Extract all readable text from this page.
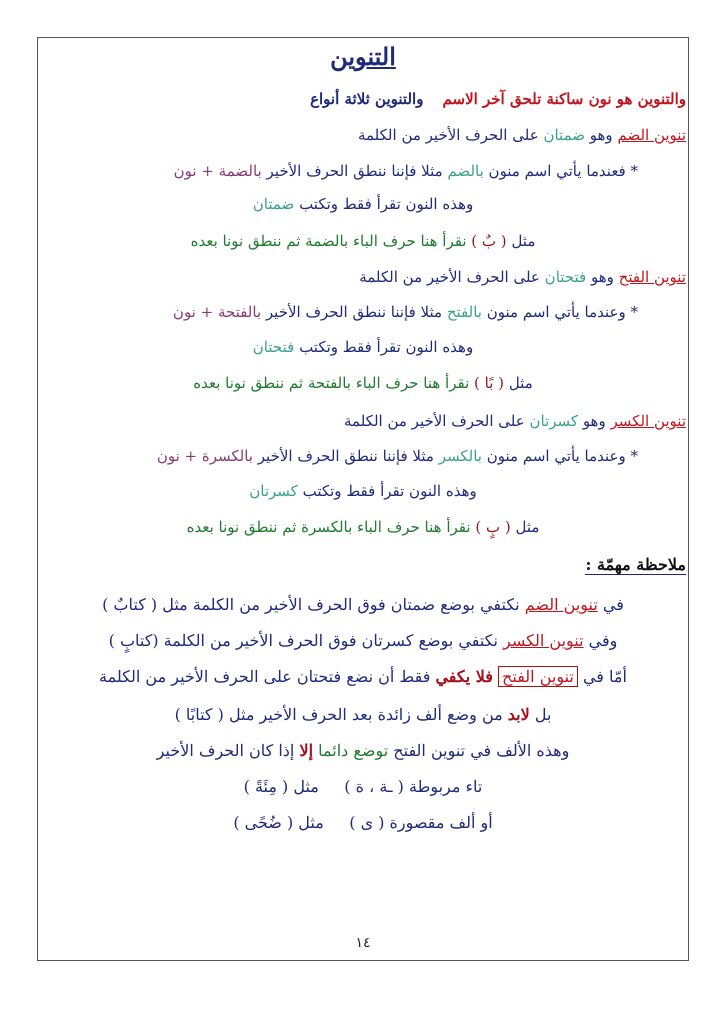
التنوين
والتنوين هو نون ساكنة تلحق آخر الاسم    والتنوين ثلاثة أنواع
تنوين الضم وهو ضمتان على الحرف الأخير من الكلمة
* فعندما يأتي اسم منون بالضم مثلا فإننا ننطق الحرف الأخير بالضمة + نون
وهذه النون تقرأ فقط وتكتب ضمتان
مثل ( بٌ ) نقرأ هنا حرف الباء بالضمة ثم ننطق نونا بعده
تنوين الفتح وهو فتحتان على الحرف الأخير من الكلمة
* وعندما يأتي اسم منون بالفتح مثلا فإننا ننطق الحرف الأخير بالفتحة + نون
وهذه النون تقرأ فقط وتكتب فتحتان
مثل ( بًا ) نقرأ هنا حرف الباء بالفتحة ثم ننطق نونا بعده
تنوين الكسر وهو كسرتان على الحرف الأخير من الكلمة
* وعندما يأتي اسم منون بالكسر مثلا فإننا ننطق الحرف الأخير بالكسرة + نون
وهذه النون تقرأ فقط وتكتب كسرتان
مثل ( بٍ ) نقرأ هنا حرف الباء بالكسرة ثم ننطق نونا بعده
ملاحظة مهمّة :
في تنوين الضم نكتفي بوضع ضمتان فوق الحرف الأخير من الكلمة مثل ( كتابٌ )
وفي تنوين الكسر نكتفي بوضع كسرتان فوق الحرف الأخير من الكلمة (كتابٍ )
أمّا في تنوين الفتح فلا يكفي فقط أن نضع فتحتان على الحرف الأخير من الكلمة
بل لابد من وضع ألف زائدة بعد الحرف الأخير مثل ( كتابًا )
وهذه الألف في تنوين الفتح توضع دائما إلا إذا كان الحرف الأخير
تاء مربوطة ( ـة ، ة )     مثل ( مِئَةً )
أو ألف مقصورة ( ى )     مثل ( ضُحًى )
١٤
